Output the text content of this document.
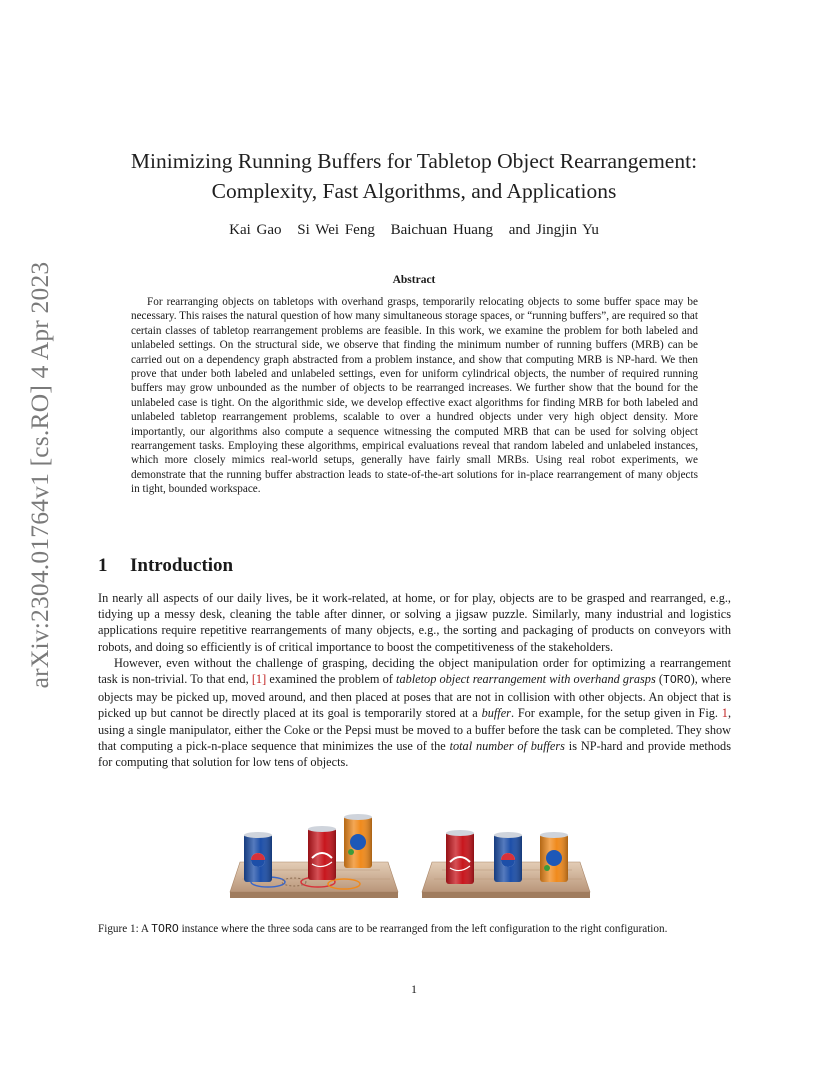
arXiv:2304.01764v1 [cs.RO] 4 Apr 2023
Minimizing Running Buffers for Tabletop Object Rearrangement:
Complexity, Fast Algorithms, and Applications
Kai Gao Si Wei Feng Baichuan Huang and Jingjin Yu
Abstract

For rearranging objects on tabletops with overhand grasps, temporarily relocating objects to some buffer space may be necessary. This raises the natural question of how many simultaneous storage spaces, or “running buffers”, are required so that certain classes of tabletop rearrangement problems are feasible. In this work, we examine the problem for both labeled and unlabeled settings. On the structural side, we observe that finding the minimum number of running buffers (MRB) can be carried out on a dependency graph abstracted from a problem instance, and show that computing MRB is NP-hard. We then prove that under both labeled and unlabeled settings, even for uniform cylindrical objects, the number of required running buffers may grow unbounded as the number of objects to be rearranged increases. We further show that the bound for the unlabeled case is tight. On the algorithmic side, we develop effective exact algorithms for finding MRB for both labeled and unlabeled tabletop rearrangement problems, scalable to over a hundred objects under very high object density. More importantly, our algorithms also compute a sequence witnessing the computed MRB that can be used for solving object rearrangement tasks. Employing these algorithms, empirical evaluations reveal that random labeled and unlabeled instances, which more closely mimics real-world setups, generally have fairly small MRBs. Using real robot experiments, we demonstrate that the running buffer abstraction leads to state-of-the-art solutions for in-place rearrangement of many objects in tight, bounded workspace.

1 Introduction

In nearly all aspects of our daily lives, be it work-related, at home, or for play, objects are to be grasped and rearranged, e.g., tidying up a messy desk, cleaning the table after dinner, or solving a jigsaw puzzle. Similarly, many industrial and logistics applications require repetitive rearrangements of many objects, e.g., the sorting and packaging of products on conveyors with robots, and doing so efficiently is of critical importance to boost the competitiveness of the stakeholders.

However, even without the challenge of grasping, deciding the object manipulation order for optimizing a rearrangement task is non-trivial. To that end, [1] examined the problem of tabletop object rearrangement with overhand grasps (TORO), where objects may be picked up, moved around, and then placed at poses that are not in collision with other objects. An object that is picked up but cannot be directly placed at its goal is temporarily stored at a buffer. For example, for the setup given in Fig. 1, using a single manipulator, either the Coke or the Pepsi must be moved to a buffer before the task can be completed. They show that computing a pick-n-place sequence that minimizes the use of the total number of buffers is NP-hard and provide methods for computing that solution for low tens of objects.

Figure 1: A TORO instance where the three soda cans are to be rearranged from the left configuration to the right configuration.

1
